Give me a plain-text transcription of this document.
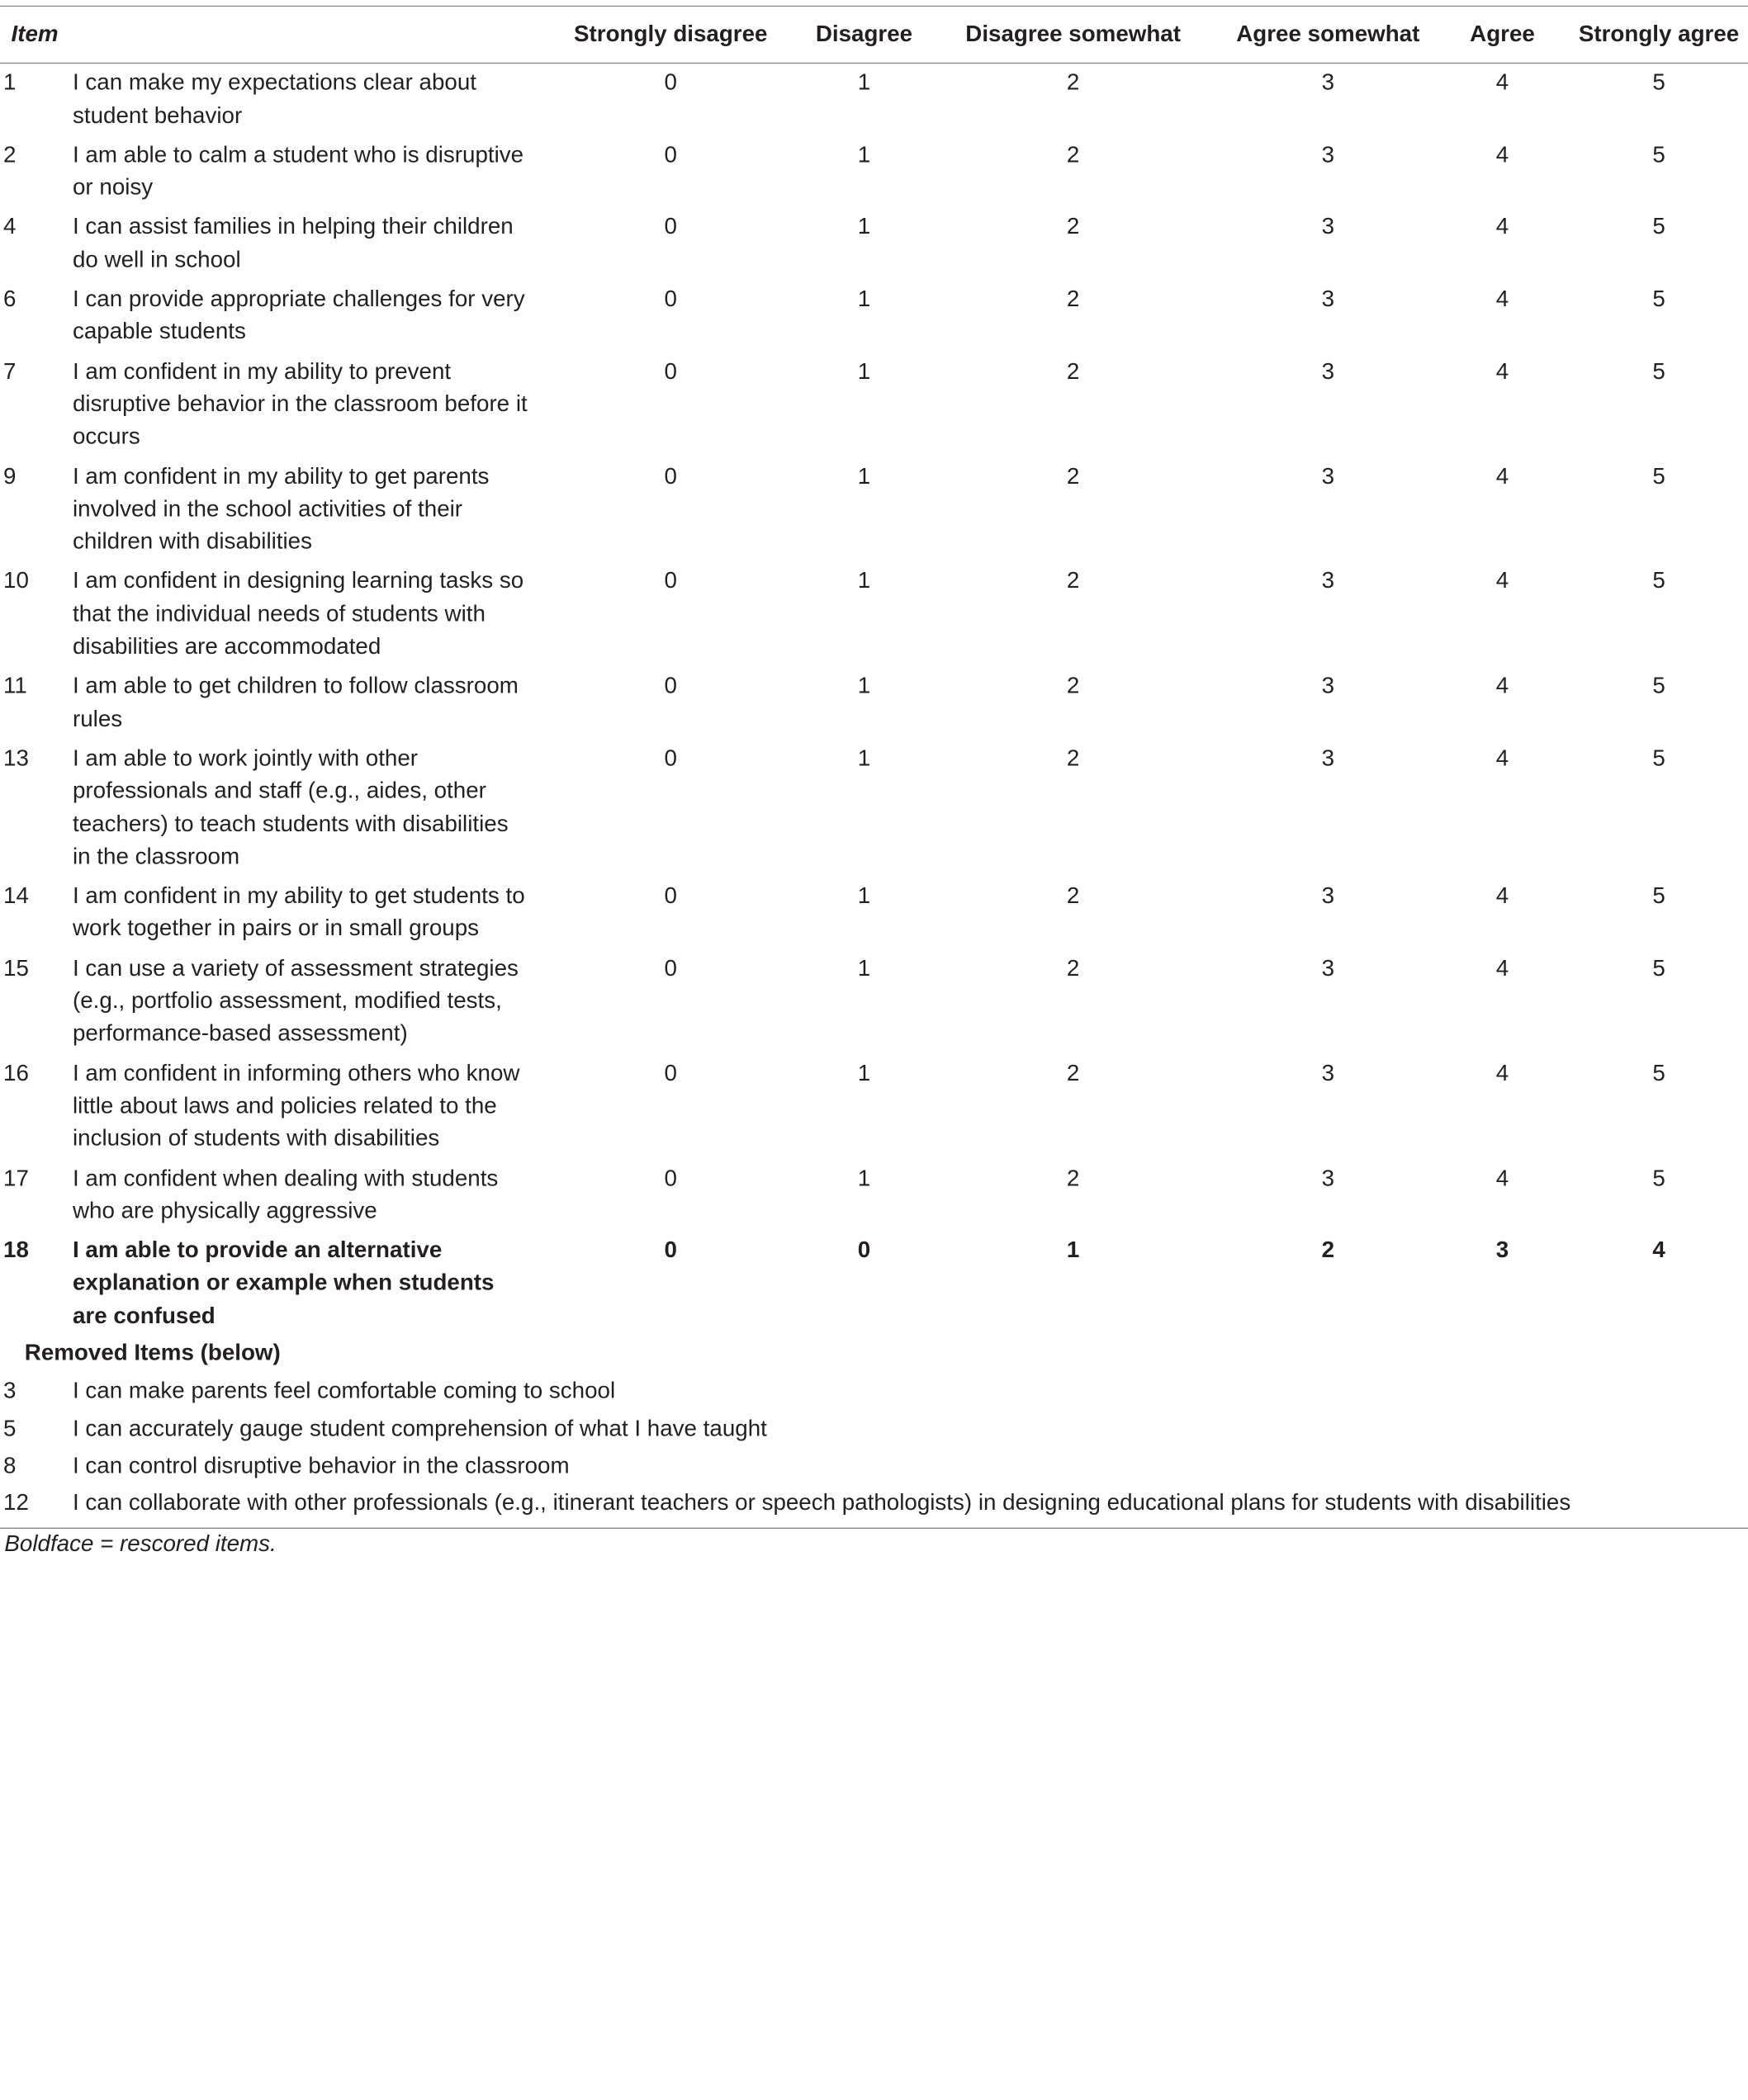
Item		Strongly disagree	Disagree	Disagree somewhat	Agree somewhat	Agree	Strongly agree
1	I can make my expectations clear about student behavior	0	1	2	3	4	5
2	I am able to calm a student who is disruptive or noisy	0	1	2	3	4	5
4	I can assist families in helping their children do well in school	0	1	2	3	4	5
6	I can provide appropriate challenges for very capable students	0	1	2	3	4	5
7	I am confident in my ability to prevent disruptive behavior in the classroom before it occurs	0	1	2	3	4	5
9	I am confident in my ability to get parents involved in the school activities of their children with disabilities	0	1	2	3	4	5
10	I am confident in designing learning tasks so that the individual needs of students with disabilities are accommodated	0	1	2	3	4	5
11	I am able to get children to follow classroom rules	0	1	2	3	4	5
13	I am able to work jointly with other professionals and staff (e.g., aides, other teachers) to teach students with disabilities in the classroom	0	1	2	3	4	5
14	I am confident in my ability to get students to work together in pairs or in small groups	0	1	2	3	4	5
15	I can use a variety of assessment strategies (e.g., portfolio assessment, modified tests, performance-based assessment)	0	1	2	3	4	5
16	I am confident in informing others who know little about laws and policies related to the inclusion of students with disabilities	0	1	2	3	4	5
17	I am confident when dealing with students who are physically aggressive	0	1	2	3	4	5
18	I am able to provide an alternative explanation or example when students are confused	0	0	1	2	3	4
Removed Items (below)							
3	I can make parents feel comfortable coming to school						
5	I can accurately gauge student comprehension of what I have taught						
8	I can control disruptive behavior in the classroom						
12	I can collaborate with other professionals (e.g., itinerant teachers or speech pathologists) in designing educational plans for students with disabilities						
Boldface = rescored items.
